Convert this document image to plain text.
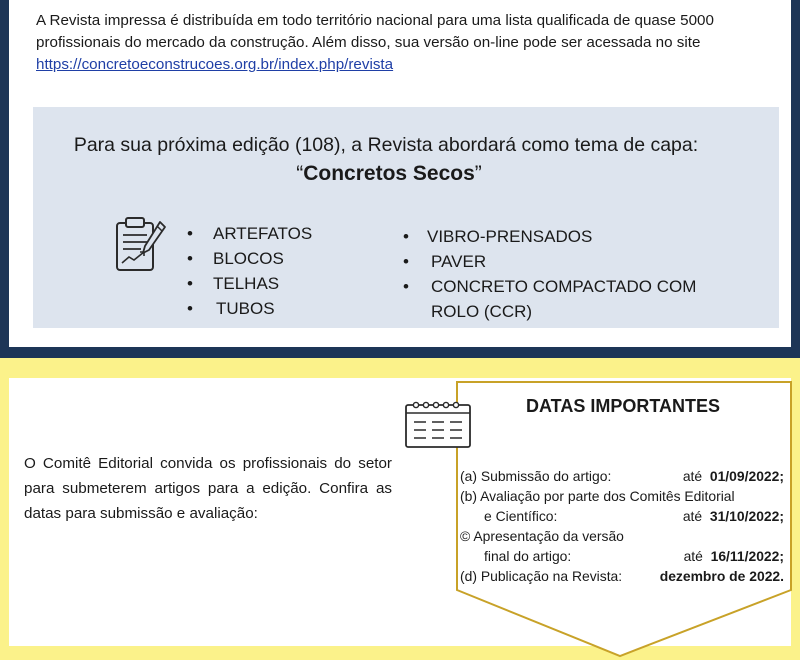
A Revista impressa é distribuída em todo território nacional para uma lista qualificada de quase 5000 profissionais do mercado da construção. Além disso, sua versão on-line pode ser acessada no site
https://concretoeconstrucoes.org.br/index.php/revista

Para sua próxima edição (108), a Revista abordará como tema de capa:
“Concretos Secos”
• ARTEFATOS
• BLOCOS
• TELHAS
• TUBOS
• VIBRO-PRENSADOS
• PAVER
• CONCRETO COMPACTADO COM ROLO (CCR)

O Comitê Editorial convida os profissionais do setor para submeterem artigos para a edição. Confira as datas para submissão e avaliação:

DATAS IMPORTANTES
(a) Submissão do artigo:	até 01/09/2022;
(b) Avaliação por parte dos Comitês Editorial
e Científico:	até 31/10/2022;
© Apresentação da versão
final do artigo:	até 16/11/2022;
(d) Publicação na Revista:	dezembro de 2022.
